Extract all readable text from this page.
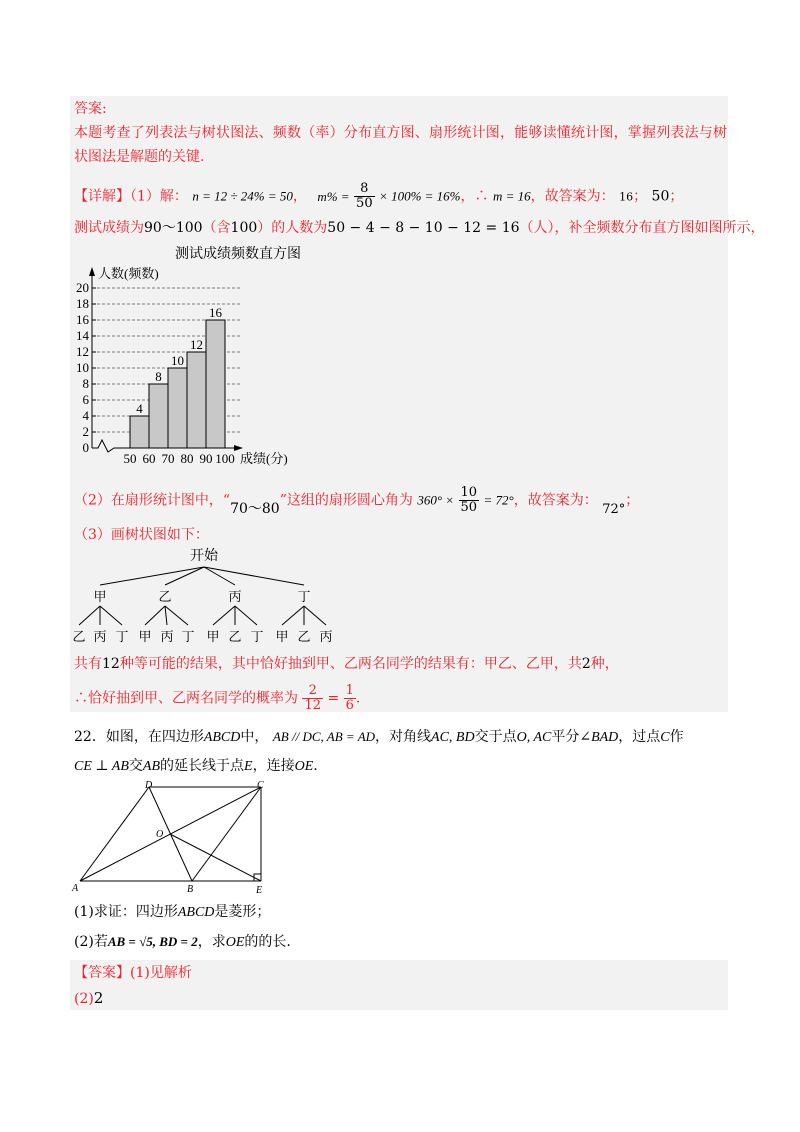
答案:
本题考查了列表法与树状图法、频数（率）分布直方图、扇形统计图，能够读懂统计图，掌握列表法与树
状图法是解题的关键.
【详解】（1）解： n = 12 ÷ 24% = 50， $m\% = \frac{8}{50} \times 100\% = 16\%$，∴ m = 16，故答案为： 16； 50；
测试成绩为90～100（含100）的人数为50 − 4 − 8 − 10 − 12 = 16（人），补全频数分布直方图如图所示，
测试成绩频数直方图
0
2
4
6
8
10
12
14
16
18
20
50 60 70 80 90 100
4
8
10
12
16
人数(频数)
成绩(分)
（2）在扇形统计图中，“70～80”这组的扇形圆心角为 $360^\circ \times \frac{10}{50} = 72^\circ$，故答案为： 72°；
（3）画树状图如下：
开始
甲	乙	丙	丁
乙 丙 丁 甲 丙 丁 甲 乙 丁 甲 乙 丙
共有12种等可能的结果，其中恰好抽到甲、乙两名同学的结果有：甲乙、乙甲，共2种，
∴恰好抽到甲、乙两名同学的概率为 $\frac{2}{12} = \frac{1}{6}$ .
22．如图，在四边形ABCD中， AB // DC, AB = AD，对角线AC, BD交于点O, AC平分∠BAD，过点C作
CE ⊥ AB交AB的延长线于点E，连接OE.
A	B
C
D
E
O
(1)求证：四边形ABCD是菱形；
(2)若AB = √5, BD = 2，求OE的的长.
【答案】(1)见解析
(2)2
